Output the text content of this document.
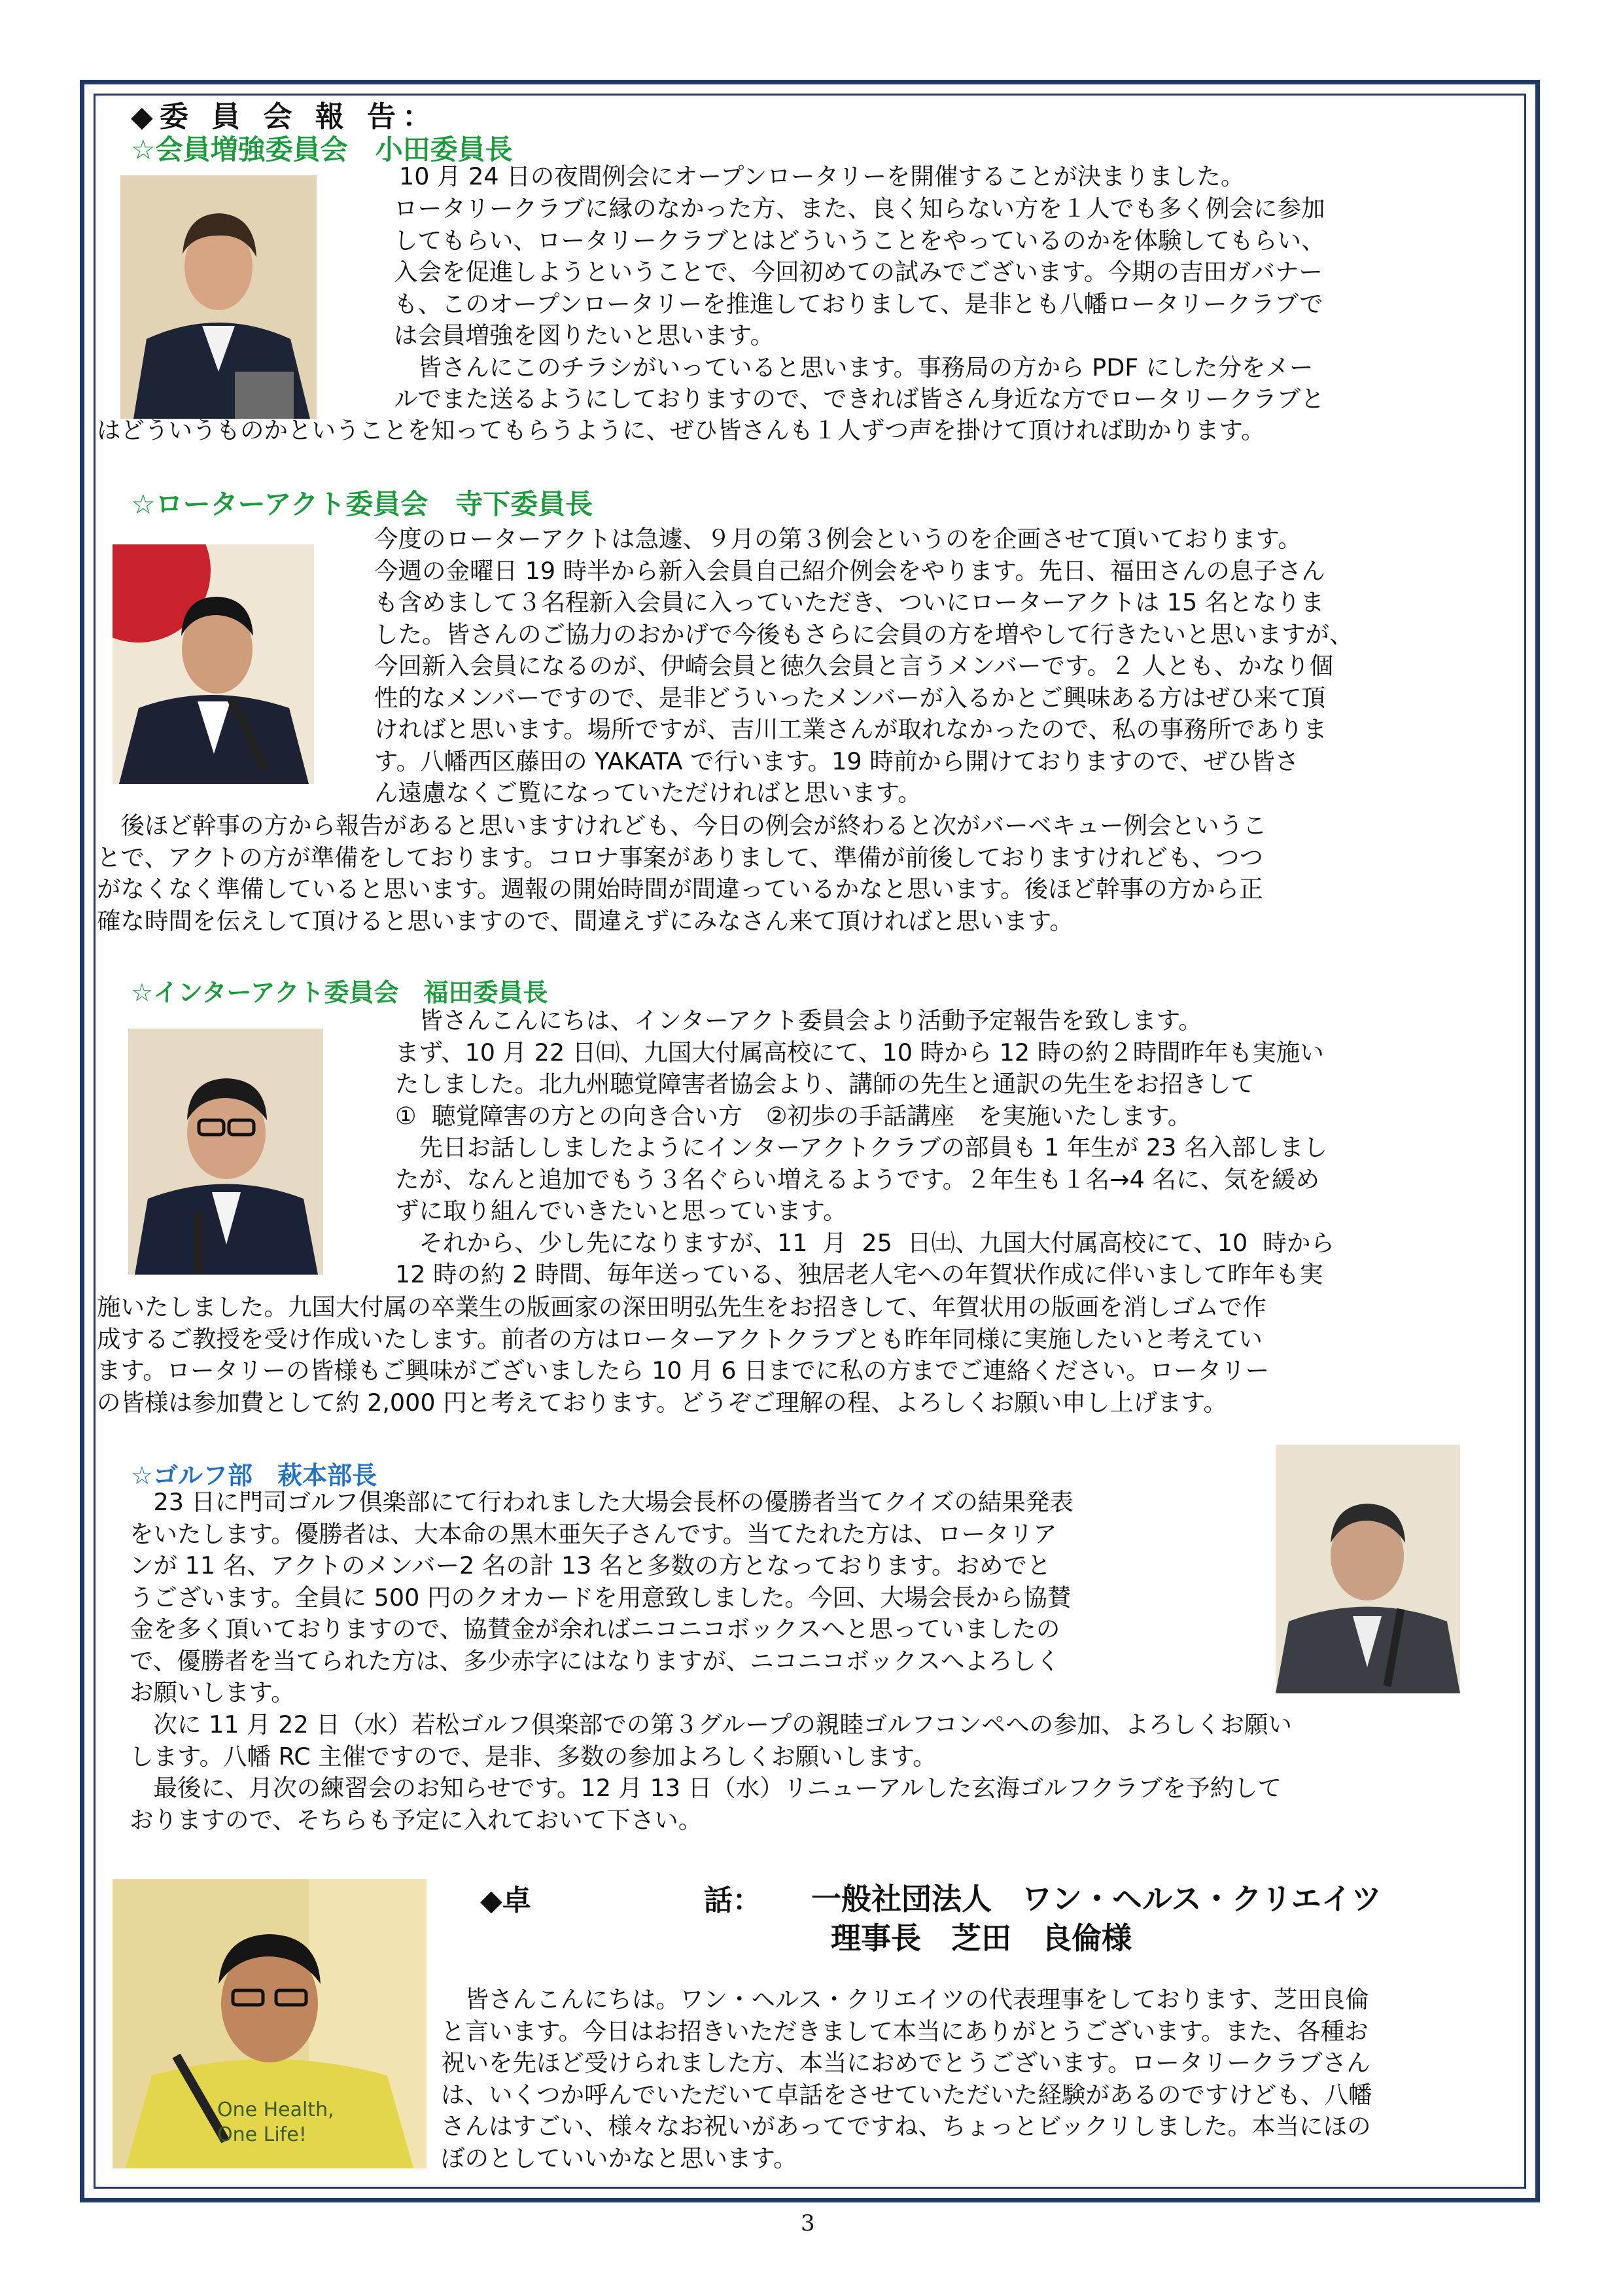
◆委 員 会 報 告：
☆会員増強委員会　小田委員長

10 月 24 日の夜間例会にオープンロータリーを開催することが決まりました。

ロータリークラブに縁のなかった方、また、良く知らない方を１人でも多く例会に参加

してもらい、ロータリークラブとはどういうことをやっているのかを体験してもらい、

入会を促進しようということで、今回初めての試みでございます。今期の吉田ガバナー

も、このオープンロータリーを推進しておりまして、是非とも八幡ロータリークラブで

は会員増強を図りたいと思います。

　皆さんにこのチラシがいっていると思います。事務局の方から PDF にした分をメー

ルでまた送るようにしておりますので、できれば皆さん身近な方でロータリークラブと

はどういうものかということを知ってもらうように、ぜひ皆さんも１人ずつ声を掛けて頂ければ助かります。

☆ローターアクト委員会　寺下委員長

今度のローターアクトは急遽、９月の第３例会というのを企画させて頂いております。

今週の金曜日 19 時半から新入会員自己紹介例会をやります。先日、福田さんの息子さん

も含めまして３名程新入会員に入っていただき、ついにローターアクトは 15 名となりま

した。皆さんのご協力のおかげで今後もさらに会員の方を増やして行きたいと思いますが、

今回新入会員になるのが、伊崎会員と徳久会員と言うメンバーです。２ 人とも、かなり個

性的なメンバーですので、是非どういったメンバーが入るかとご興味ある方はぜひ来て頂

ければと思います。場所ですが、吉川工業さんが取れなかったので、私の事務所でありま

す。八幡西区藤田の YAKATA で行います。19 時前から開けておりますので、ぜひ皆さ

ん遠慮なくご覧になっていただければと思います。

　後ほど幹事の方から報告があると思いますけれども、今日の例会が終わると次がバーベキュー例会というこ

とで、アクトの方が準備をしております。コロナ事案がありまして、準備が前後しておりますけれども、つつ

がなくなく準備していると思います。週報の開始時間が間違っているかなと思います。後ほど幹事の方から正

確な時間を伝えして頂けると思いますので、間違えずにみなさん来て頂ければと思います。

☆インターアクト委員会　福田委員長

　皆さんこんにちは、インターアクト委員会より活動予定報告を致します。

まず、10 月 22 日㈰、九国大付属高校にて、10 時から 12 時の約２時間昨年も実施い

たしました。北九州聴覚障害者協会より、講師の先生と通訳の先生をお招きして

①  聴覚障害の方との向き合い方　②初歩の手話講座　を実施いたします。

　先日お話ししましたようにインターアクトクラブの部員も 1 年生が 23 名入部しまし

たが、なんと追加でもう３名ぐらい増えるようです。２年生も１名→4 名に、気を緩め

ずに取り組んでいきたいと思っています。

　それから、少し先になりますが、11  月  25  日㈯、九国大付属高校にて、10  時から

12 時の約 2 時間、毎年送っている、独居老人宅への年賀状作成に伴いまして昨年も実

施いたしました。九国大付属の卒業生の版画家の深田明弘先生をお招きして、年賀状用の版画を消しゴムで作

成するご教授を受け作成いたします。前者の方はローターアクトクラブとも昨年同様に実施したいと考えてい

ます。ロータリーの皆様もご興味がございましたら 10 月 6 日までに私の方までご連絡ください。ロータリー

の皆様は参加費として約 2,000 円と考えております。どうぞご理解の程、よろしくお願い申し上げます。

☆ゴルフ部　萩本部長

　23 日に門司ゴルフ倶楽部にて行われました大場会長杯の優勝者当てクイズの結果発表

をいたします。優勝者は、大本命の黒木亜矢子さんです。当てたれた方は、ロータリア

ンが 11 名、アクトのメンバー2 名の計 13 名と多数の方となっております。おめでと

うございます。全員に 500 円のクオカードを用意致しました。今回、大場会長から協賛

金を多く頂いておりますので、協賛金が余ればニコニコボックスへと思っていましたの

で、優勝者を当てられた方は、多少赤字にはなりますが、ニコニコボックスへよろしく

お願いします。

　次に 11 月 22 日（水）若松ゴルフ倶楽部での第３グループの親睦ゴルフコンペへの参加、よろしくお願い

します。八幡 RC 主催ですので、是非、多数の参加よろしくお願いします。

　最後に、月次の練習会のお知らせです。12 月 13 日（水）リニューアルした玄海ゴルフクラブを予約して

おりますので、そちらも予定に入れておいて下さい。

One Health,
One Life!
◆卓　　　　　　話： 一般社団法人　ワン・ヘルス・クリエイツ
理事長　芝田　良倫様

　皆さんこんにちは。ワン・ヘルス・クリエイツの代表理事をしております、芝田良倫

と言います。今日はお招きいただきまして本当にありがとうございます。また、各種お

祝いを先ほど受けられました方、本当におめでとうございます。ロータリークラブさん

は、いくつか呼んでいただいて卓話をさせていただいた経験があるのですけども、八幡

さんはすごい、様々なお祝いがあってですね、ちょっとビックリしました。本当にほの

ぼのとしていいかなと思います。

3
